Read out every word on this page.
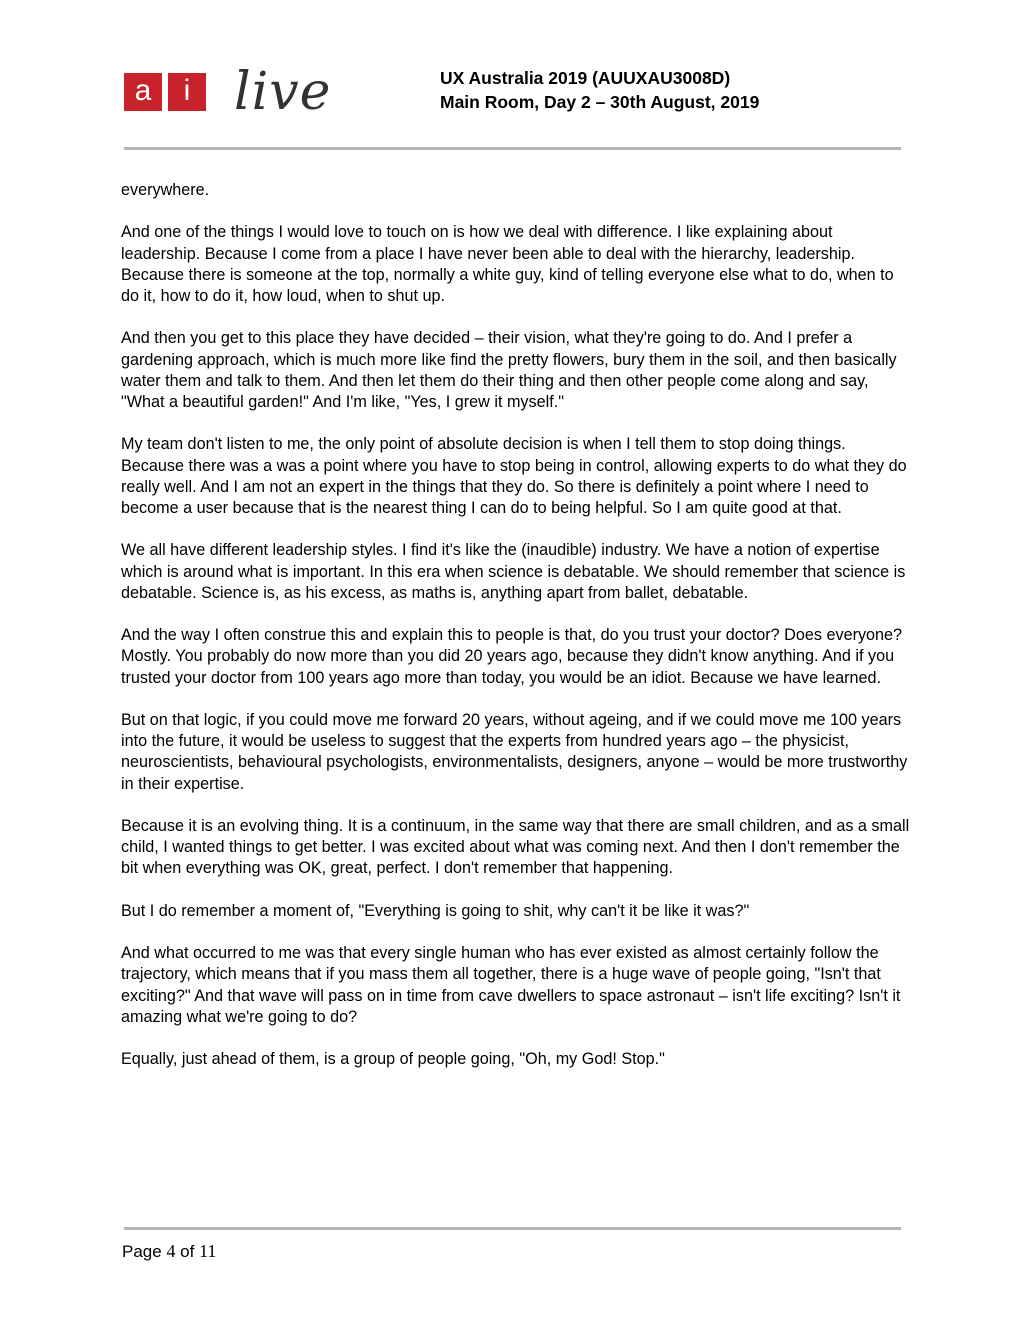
a	i live	UX Australia 2019 (AUUXAU3008D)
Main Room, Day 2 – 30th August, 2019

everywhere.

And one of the things I would love to touch on is how we deal with difference. I like explaining about leadership. Because I come from a place I have never been able to deal with the hierarchy, leadership. Because there is someone at the top, normally a white guy, kind of telling everyone else what to do, when to do it, how to do it, how loud, when to shut up.

And then you get to this place they have decided – their vision, what they're going to do. And I prefer a gardening approach, which is much more like find the pretty flowers, bury them in the soil, and then basically water them and talk to them. And then let them do their thing and then other people come along and say, "What a beautiful garden!" And I'm like, "Yes, I grew it myself."

My team don't listen to me, the only point of absolute decision is when I tell them to stop doing things. Because there was a was a point where you have to stop being in control, allowing experts to do what they do really well. And I am not an expert in the things that they do. So there is definitely a point where I need to become a user because that is the nearest thing I can do to being helpful. So I am quite good at that.

We all have different leadership styles. I find it's like the (inaudible) industry. We have a notion of expertise which is around what is important. In this era when science is debatable. We should remember that science is debatable. Science is, as his excess, as maths is, anything apart from ballet, debatable.

And the way I often construe this and explain this to people is that, do you trust your doctor? Does everyone? Mostly. You probably do now more than you did 20 years ago, because they didn't know anything. And if you trusted your doctor from 100 years ago more than today, you would be an idiot. Because we have learned.

But on that logic, if you could move me forward 20 years, without ageing, and if we could move me 100 years into the future, it would be useless to suggest that the experts from hundred years ago – the physicist, neuroscientists, behavioural psychologists, environmentalists, designers, anyone – would be more trustworthy in their expertise.

Because it is an evolving thing. It is a continuum, in the same way that there are small children, and as a small child, I wanted things to get better. I was excited about what was coming next. And then I don't remember the bit when everything was OK, great, perfect. I don't remember that happening.

But I do remember a moment of, "Everything is going to shit, why can't it be like it was?"

And what occurred to me was that every single human who has ever existed as almost certainly follow the trajectory, which means that if you mass them all together, there is a huge wave of people going, "Isn't that exciting?" And that wave will pass on in time from cave dwellers to space astronaut – isn't life exciting? Isn't it amazing what we're going to do?

Equally, just ahead of them, is a group of people going, "Oh, my God! Stop."

Page 4 of 11
